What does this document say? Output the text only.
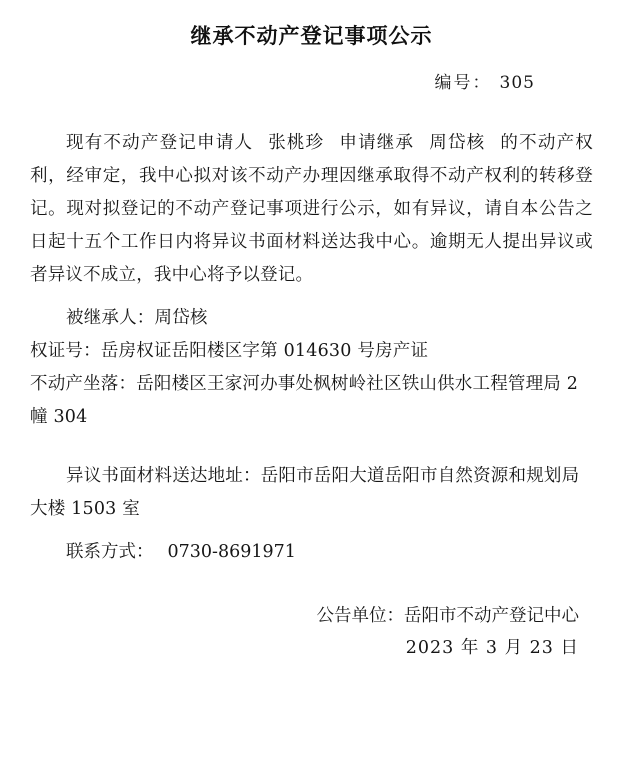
继承不动产登记事项公示
编号： 305

现有不动产登记申请人 张桃珍 申请继承 周岱核 的不动产权利，经审定，我中心拟对该不动产办理因继承取得不动产权利的转移登记。现对拟登记的不动产登记事项进行公示，如有异议，请自本公告之日起十五个工作日内将异议书面材料送达我中心。逾期无人提出异议或者异议不成立，我中心将予以登记。

被继承人：周岱核

权证号：岳房权证岳阳楼区字第 014630 号房产证

不动产坐落：岳阳楼区王家河办事处枫树岭社区铁山供水工程管理局 2 幢 304

异议书面材料送达地址：岳阳市岳阳大道岳阳市自然资源和规划局大楼 1503 室

联系方式： 0730-8691971

公告单位：岳阳市不动产登记中心
2023 年 3 月 23 日
